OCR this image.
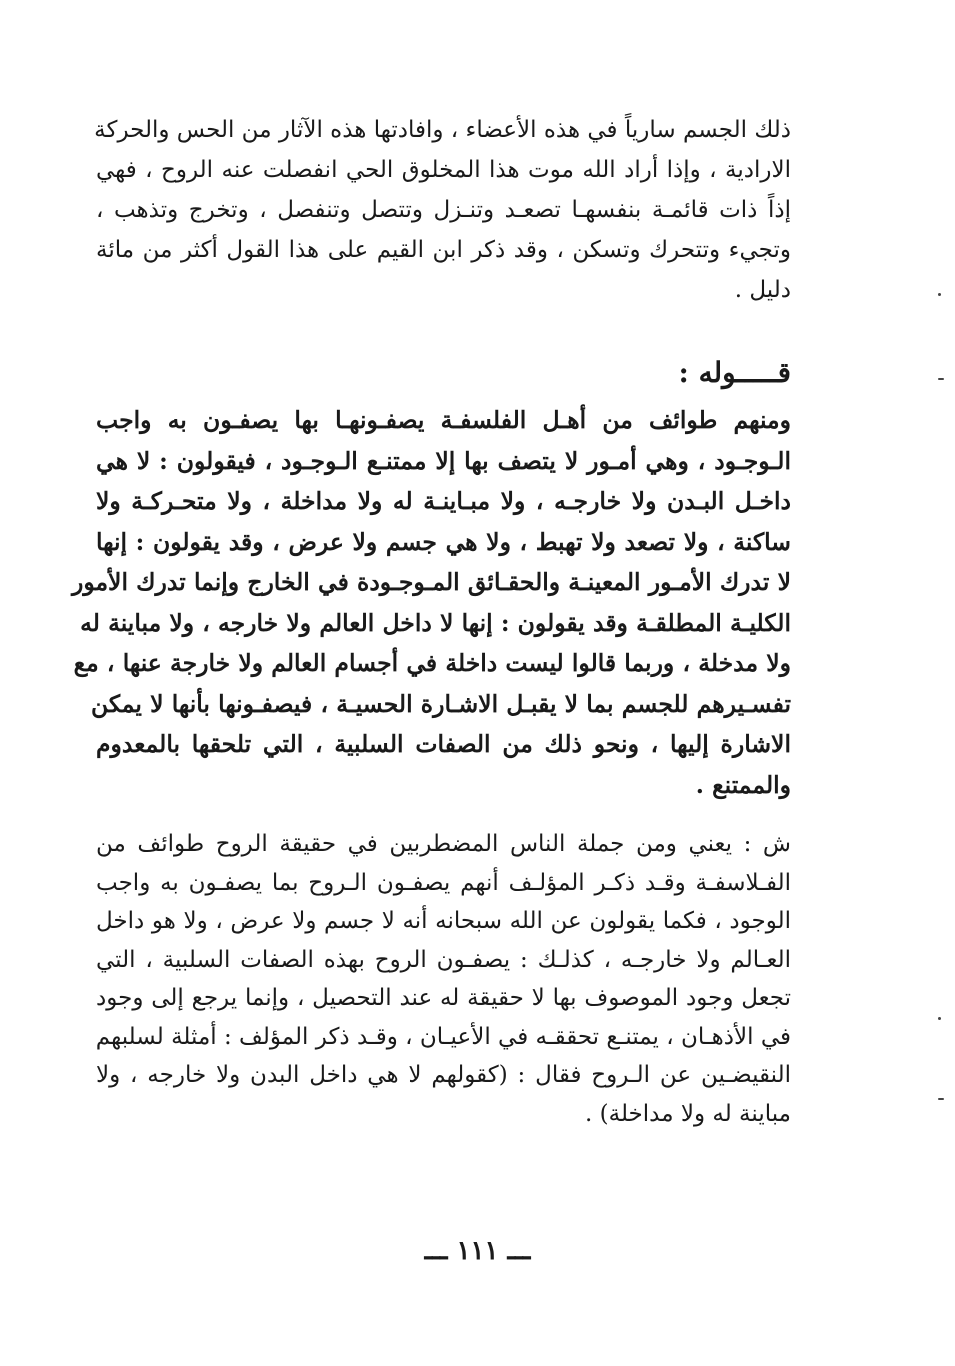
ذلك الجسم سارياً في هذه الأعضاء ، وافادتها هذه الآثار من الحس والحركة
الارادية ، وإذا أراد الله موت هذا المخلوق الحي انفصلت عنه الروح ، فهي
إذاً ذات قائمـة بنفسهـا تصعـد وتنـزل وتتصل وتنفصل ، وتخرج وتذهب ،
وتجيء وتتحرك وتسكن ، وقد ذكر ابن القيم على هذا القول أكثر من مائة
دليل .
قـــــوله :
ومنهم طوائف من أهـل الفلسفـة يصفـونهـا بها يصفـون به واجب
الـوجـود ، وهي أمـور لا يتصف بها إلا ممتنـع الـوجـود ، فيقولون : لا هي
داخـل البـدن ولا خارجـه ، ولا مبـاينـة له ولا مداخلة ، ولا متحـركـة ولا
ساكنة ، ولا تصعد ولا تهبط ، ولا هي جسم ولا عرض ، وقد يقولون : إنها
لا تدرك الأمـور المعينـة والحقـائق المـوجـودة في الخارج وإنما تدرك الأمور
الكليـة المطلقـة وقد يقولون : إنها لا داخل العالم ولا خارجه ، ولا مباينة له
ولا مدخلة ، وربما قالوا ليست داخلة في أجسام العالم ولا خارجة عنها ، مع
تفسـيرهم للجسم بما لا يقبـل الاشـارة الحسيـة ، فيصفـونها بأنها لا يمكن
الاشارة إليها ، ونحو ذلك من الصفات السلبية ، التي تلحقها بالمعدوم
والممتنع .
ش : يعني ومن جملة الناس المضطربين في حقيقة الروح طوائف من
الفـلاسفـة وقـد ذكـر المؤلـف أنهم يصفـون الـروح بما يصفـون به واجب
الوجود ، فكما يقولون عن الله سبحانه أنه لا جسم ولا عرض ، ولا هو داخل
العـالم ولا خارجـه ، كذلـك : يصفـون الروح بهذه الصفات السلبية ، التي
تجعل وجود الموصوف بها لا حقيقة له عند التحصيل ، وإنما يرجع إلى وجود
في الأذهـان ، يمتنـع تحققـه في الأعيـان ، وقـد ذكر المؤلف : أمثلة لسلبهم
النقيضـين عن الـروح فقال : (كقولهم لا هي داخل البدن ولا خارجه ، ولا
مباينة له ولا مداخلة) .
ـــ ١١١ ـــ
